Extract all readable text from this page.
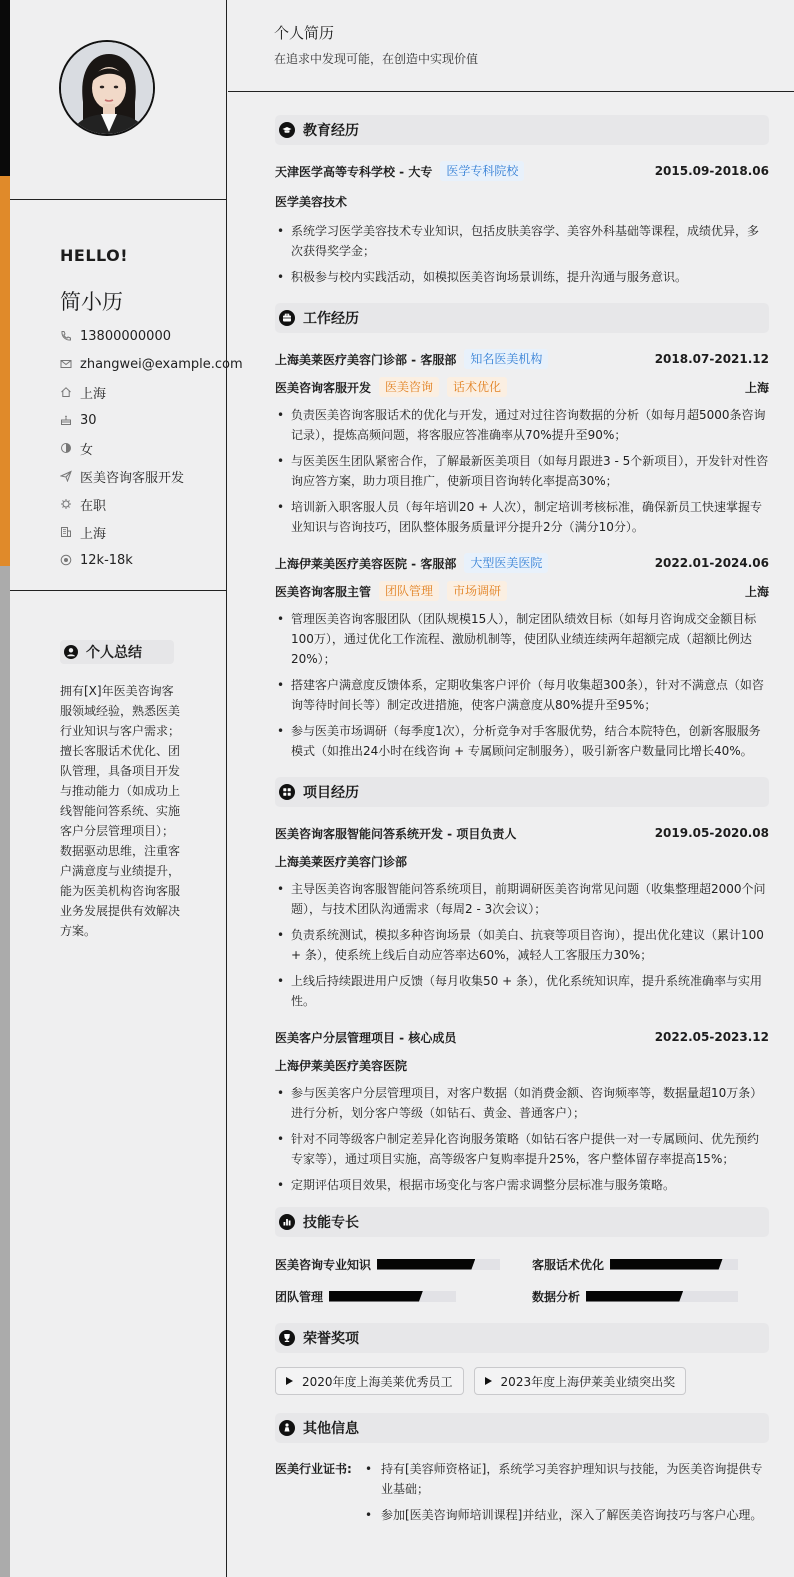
HELLO!
简小历
13800000000
zhangwei@example.com
上海
30
女
医美咨询客服开发
在职
上海
12k-18k
个人总结
拥有[X]年医美咨询客服领域经验，熟悉医美行业知识与客户需求； 擅长客服话术优化、团队管理，具备项目开发与推动能力（如成功上线智能问答系统、实施客户分层管理项目）； 数据驱动思维，注重客户满意度与业绩提升，能为医美机构咨询客服业务发展提供有效解决方案。
个人简历
在追求中发现可能，在创造中实现价值
教育经历
天津医学高等专科学校 - 大专	医学专科院校	2015.09-2018.06
医学美容技术
• 系统学习医学美容技术专业知识，包括皮肤美容学、美容外科基础等课程，成绩优异，多次获得奖学金；
• 积极参与校内实践活动，如模拟医美咨询场景训练，提升沟通与服务意识。
工作经历
上海美莱医疗美容门诊部 - 客服部	知名医美机构	2018.07-2021.12
医美咨询客服开发	医美咨询	话术优化	上海
• 负责医美咨询客服话术的优化与开发，通过对过往咨询数据的分析（如每月超5000条咨询记录），提炼高频问题，将客服应答准确率从70%提升至90%；
• 与医美医生团队紧密合作，了解最新医美项目（如每月跟进3 - 5个新项目），开发针对性咨询应答方案，助力项目推广，使新项目咨询转化率提高30%；
• 培训新入职客服人员（每年培训20 + 人次），制定培训考核标准，确保新员工快速掌握专业知识与咨询技巧，团队整体服务质量评分提升2分（满分10分）。
上海伊莱美医疗美容医院 - 客服部	大型医美医院	2022.01-2024.06
医美咨询客服主管	团队管理	市场调研	上海
• 管理医美咨询客服团队（团队规模15人），制定团队绩效目标（如每月咨询成交金额目标100万），通过优化工作流程、激励机制等，使团队业绩连续两年超额完成（超额比例达20%）；
• 搭建客户满意度反馈体系，定期收集客户评价（每月收集超300条），针对不满意点（如咨询等待时间长等）制定改进措施，使客户满意度从80%提升至95%；
• 参与医美市场调研（每季度1次），分析竞争对手客服优势，结合本院特色，创新客服服务模式（如推出24小时在线咨询 + 专属顾问定制服务），吸引新客户数量同比增长40%。
项目经历
医美咨询客服智能问答系统开发 - 项目负责人	2019.05-2020.08
上海美莱医疗美容门诊部
• 主导医美咨询客服智能问答系统项目，前期调研医美咨询常见问题（收集整理超2000个问题），与技术团队沟通需求（每周2 - 3次会议）；
• 负责系统测试，模拟多种咨询场景（如美白、抗衰等项目咨询），提出优化建议（累计100 + 条），使系统上线后自动应答率达60%，减轻人工客服压力30%；
• 上线后持续跟进用户反馈（每月收集50 + 条），优化系统知识库，提升系统准确率与实用性。
医美客户分层管理项目 - 核心成员	2022.05-2023.12
上海伊莱美医疗美容医院
• 参与医美客户分层管理项目，对客户数据（如消费金额、咨询频率等，数据量超10万条）进行分析，划分客户等级（如钻石、黄金、普通客户）；
• 针对不同等级客户制定差异化咨询服务策略（如钻石客户提供一对一专属顾问、优先预约专家等），通过项目实施，高等级客户复购率提升25%，客户整体留存率提高15%；
• 定期评估项目效果，根据市场变化与客户需求调整分层标准与服务策略。
技能专长
医美咨询专业知识	客服话术优化
团队管理	数据分析
荣誉奖项
2020年度上海美莱优秀员工	2023年度上海伊莱美业绩突出奖
其他信息
医美行业证书:
•	持有[美容师资格证]，系统学习美容护理知识与技能，为医美咨询提供专业基础；
• 参加[医美咨询师培训课程]并结业，深入了解医美咨询技巧与客户心理。
